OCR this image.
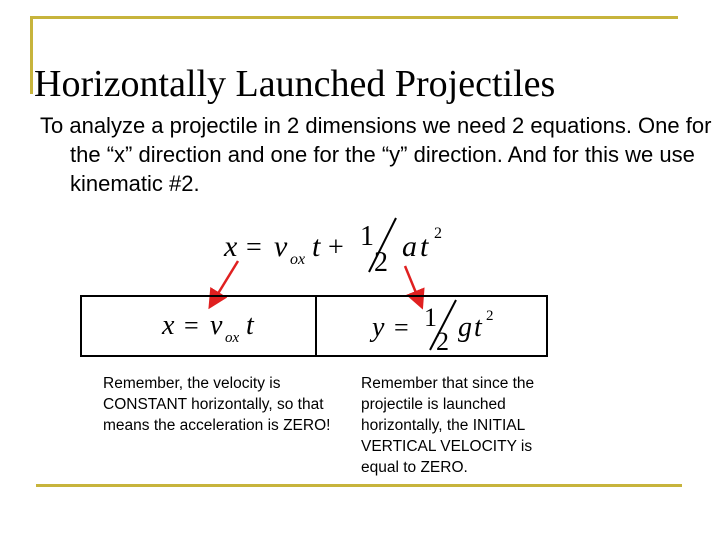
Horizontally Launched Projectiles
To analyze a projectile in 2 dimensions we need 2 equations. One for the “x” direction and one for the “y” direction. And for this we use kinematic #2.
x = v ox t + 1
2 a t 2
x = v ox t	y = 1
2 g t 2
Remember, the velocity is CONSTANT horizontally, so that means the acceleration is ZERO!
Remember that since the projectile is launched horizontally, the INITIAL VERTICAL VELOCITY is equal to ZERO.
